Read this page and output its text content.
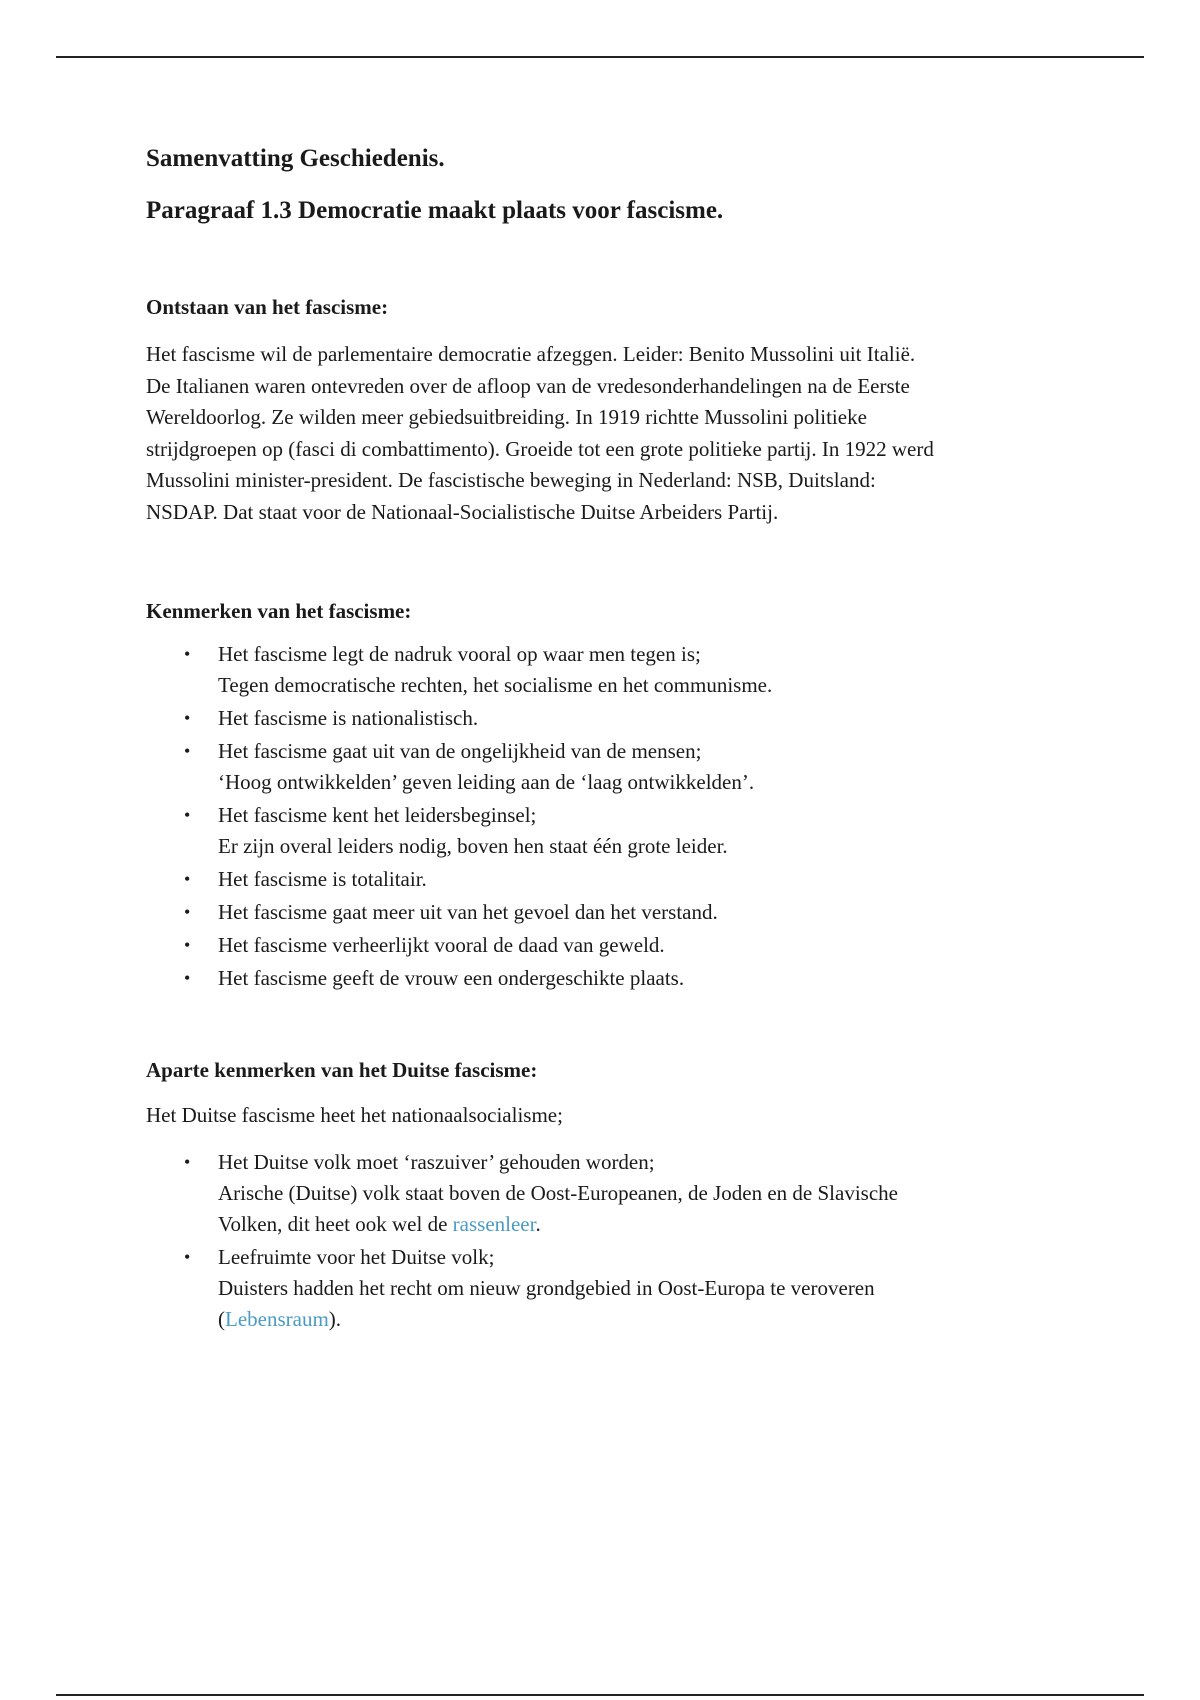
Samenvatting Geschiedenis.
Paragraaf 1.3 Democratie maakt plaats voor fascisme.
Ontstaan van het fascisme:

Het fascisme wil de parlementaire democratie afzeggen. Leider: Benito Mussolini uit Italië.
De Italianen waren ontevreden over de afloop van de vredesonderhandelingen na de Eerste
Wereldoorlog. Ze wilden meer gebiedsuitbreiding. In 1919 richtte Mussolini politieke
strijdgroepen op (fasci di combattimento). Groeide tot een grote politieke partij. In 1922 werd
Mussolini minister-president. De fascistische beweging in Nederland: NSB, Duitsland:
NSDAP. Dat staat voor de Nationaal-Socialistische Duitse Arbeiders Partij.

Kenmerken van het fascisme:
• Het fascisme legt de nadruk vooral op waar men tegen is;
Tegen democratische rechten, het socialisme en het communisme.
• Het fascisme is nationalistisch.
• Het fascisme gaat uit van de ongelijkheid van de mensen;
‘Hoog ontwikkelden’ geven leiding aan de ‘laag ontwikkelden’.
• Het fascisme kent het leidersbeginsel;
Er zijn overal leiders nodig, boven hen staat één grote leider.
• Het fascisme is totalitair.
• Het fascisme gaat meer uit van het gevoel dan het verstand.
• Het fascisme verheerlijkt vooral de daad van geweld.
• Het fascisme geeft de vrouw een ondergeschikte plaats.
Aparte kenmerken van het Duitse fascisme:

Het Duitse fascisme heet het nationaalsocialisme;

• Het Duitse volk moet ‘raszuiver’ gehouden worden;
Arische (Duitse) volk staat boven de Oost-Europeanen, de Joden en de Slavische
Volken, dit heet ook wel de rassenleer.
• Leefruimte voor het Duitse volk;
Duisters hadden het recht om nieuw grondgebied in Oost-Europa te veroveren
(Lebensraum).
